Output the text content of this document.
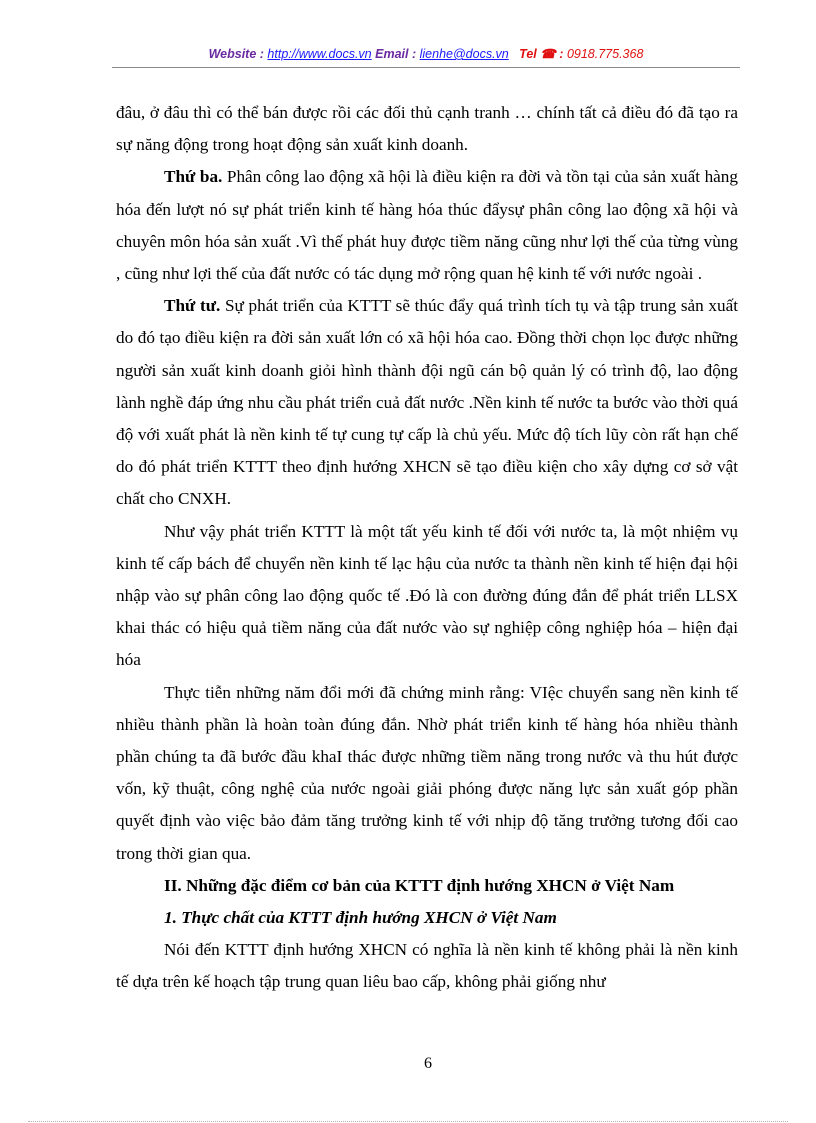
Website : http://www.docs.vn Email : lienhe@docs.vn Tel ☎ : 0918.775.368

đâu, ở đâu thì có thể bán được rồi các đối thủ cạnh tranh … chính tất cả điều đó đã tạo ra sự năng động trong hoạt động sản xuất kinh doanh.

Thứ ba. Phân công lao động xã hội là điều kiện ra đời và tồn tại của sản xuất hàng hóa đến lượt nó sự phát triển kinh tế hàng hóa thúc đẩysự phân công lao động xã hội và chuyên môn hóa sản xuất .Vì thế phát huy được tiềm năng cũng như lợi thế của từng vùng , cũng như lợi thế của đất nước có tác dụng mở rộng quan hệ kinh tế với nước ngoài .

Thứ tư. Sự phát triển của KTTT sẽ thúc đẩy quá trình tích tụ và tập trung sản xuất do đó tạo điều kiện ra đời sản xuất lớn có xã hội hóa cao. Đồng thời chọn lọc được những người sản xuất kinh doanh giỏi hình thành đội ngũ cán bộ quản lý có trình độ, lao động lành nghề đáp ứng nhu cầu phát triển cuả đất nước .Nền kinh tế nước ta bước vào thời quá độ với xuất phát là nền kinh tế tự cung tự cấp là chủ yếu. Mức độ tích lũy còn rất hạn chế do đó phát triển KTTT theo định hướng XHCN sẽ tạo điều kiện cho xây dựng cơ sở vật chất cho CNXH.

Như vậy phát triển KTTT là một tất yếu kinh tế đối với nước ta, là một nhiệm vụ kinh tế cấp bách để chuyển nền kinh tế lạc hậu của nước ta thành nền kinh tế hiện đại hội nhập vào sự phân công lao động quốc tế .Đó là con đường đúng đắn để phát triển LLSX khai thác có hiệu quả tiềm năng của đất nước vào sự nghiệp công nghiệp hóa – hiện đại hóa

Thực tiễn những năm đổi mới đã chứng minh rằng: VIệc chuyển sang nền kinh tế nhiều thành phần là hoàn toàn đúng đắn. Nhờ phát triển kinh tế hàng hóa nhiều thành phần chúng ta đã bước đầu khaI thác được những tiềm năng trong nước và thu hút được vốn, kỹ thuật, công nghệ của nước ngoài giải phóng được năng lực sản xuất góp phần quyết định vào việc bảo đảm tăng trưởng kinh tế với nhịp độ tăng trưởng tương đối cao trong thời gian qua.

II. Những đặc điểm cơ bản của KTTT định hướng XHCN ở Việt Nam

1. Thực chất của KTTT định hướng XHCN ở Việt Nam

Nói đến KTTT định hướng XHCN có nghĩa là nền kinh tế không phải là nền kinh tế dựa trên kế hoạch tập trung quan liêu bao cấp, không phải giống như

6
